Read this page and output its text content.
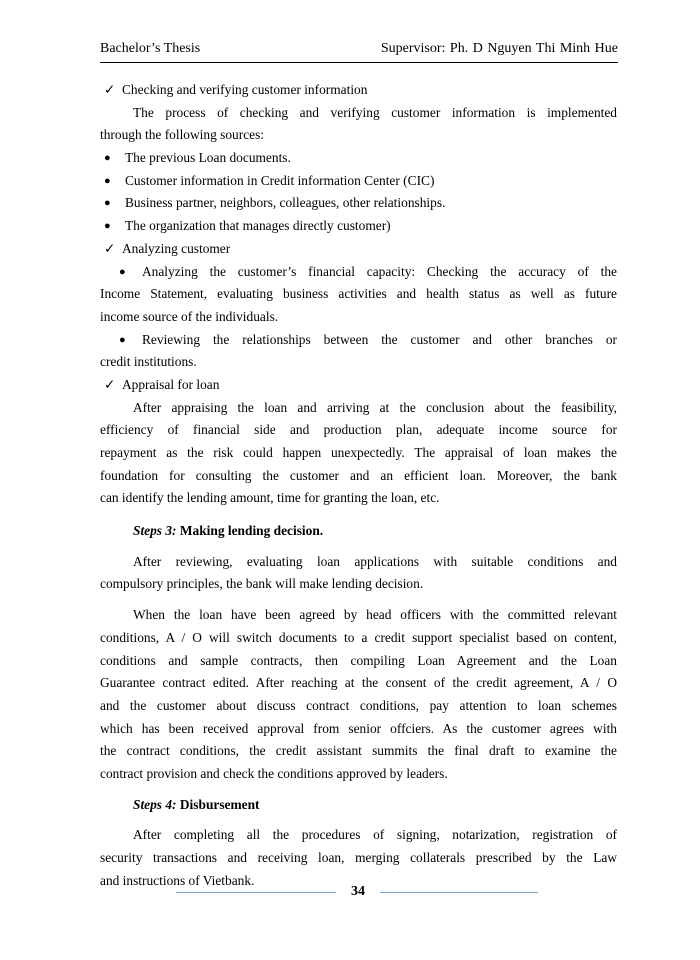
Bachelor’s Thesis	Supervisor: Ph. D Nguyen Thi Minh Hue
✓ Checking and verifying customer information
The process of checking and verifying customer information is implemented
through the following sources:
● The previous Loan documents.
● Customer information in Credit information Center (CIC)
● Business partner, neighbors, colleagues, other relationships.
● The organization that manages directly customer)
✓ Analyzing customer
● Analyzing the customer’s financial capacity: Checking the accuracy of the
Income Statement, evaluating business activities and health status as well as future
income source of the individuals.
● Reviewing the relationships between the customer and other branches or
credit institutions.
✓ Appraisal for loan
After appraising the loan and arriving at the conclusion about the feasibility,
efficiency of financial side and production plan, adequate income source for
repayment as the risk could happen unexpectedly. The appraisal of loan makes the
foundation for consulting the customer and an efficient loan. Moreover, the bank
can identify the lending amount, time for granting the loan, etc.
Steps 3: Making lending decision.
After reviewing, evaluating loan applications with suitable conditions and
compulsory principles, the bank will make lending decision.
When the loan have been agreed by head officers with the committed relevant
conditions, A / O will switch documents to a credit support specialist based on content,
conditions and sample contracts, then compiling Loan Agreement and the Loan
Guarantee contract edited. After reaching at the consent of the credit agreement, A / O
and the customer about discuss contract conditions, pay attention to loan schemes
which has been received approval from senior offciers. As the customer agrees with
the contract conditions, the credit assistant summits the final draft to examine the
contract provision and check the conditions approved by leaders.
Steps 4: Disbursement
After completing all the procedures of signing, notarization, registration of
security transactions and receiving loan, merging collaterals prescribed by the Law
and instructions of Vietbank.
34
